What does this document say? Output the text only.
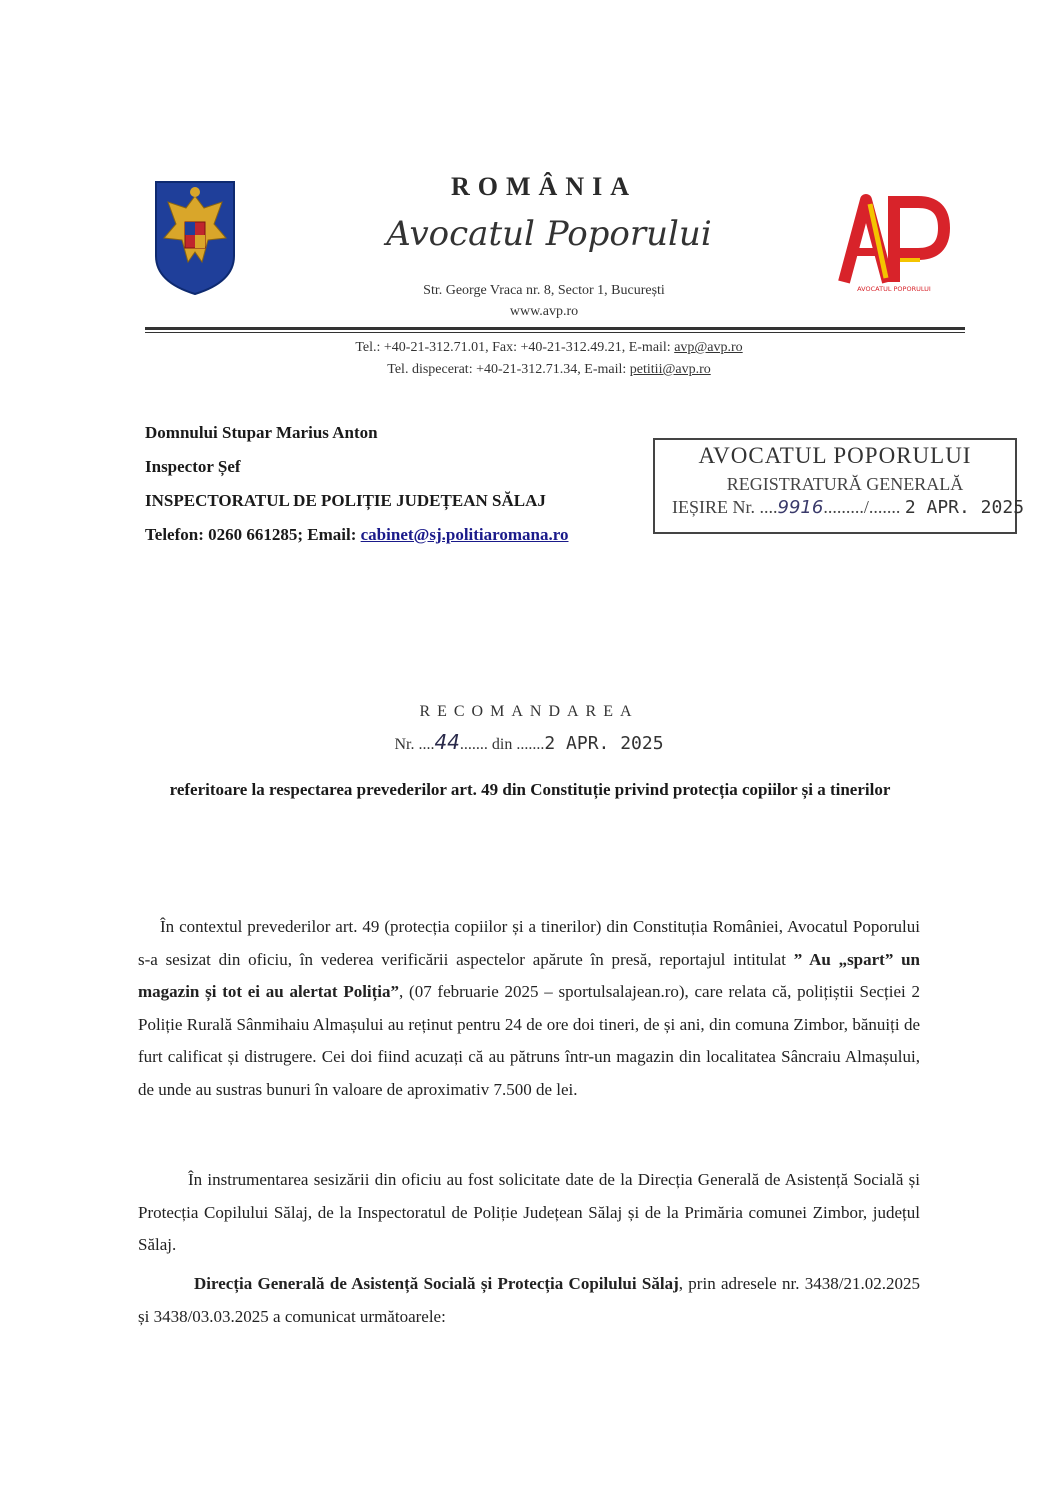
ROMÂNIA
Avocatul Poporului
Str. George Vraca nr. 8, Sector 1, București
www.avp.ro
AVOCATUL POPORULUI
Tel.: +40-21-312.71.01, Fax: +40-21-312.49.21, E-mail: avp@avp.ro
Tel. dispecerat: +40-21-312.71.34, E-mail: petitii@avp.ro
Domnului Stupar Marius Anton
Inspector Șef
INSPECTORATUL DE POLIȚIE JUDEȚEAN SĂLAJ
Telefon: 0260 661285; Email: cabinet@sj.politiaromana.ro
AVOCATUL POPORULUI
REGISTRATURĂ GENERALĂ
IEȘIRE Nr. ....9916........./....... 2 APR. 2025
RECOMANDAREA
Nr. ....44....... din .......2 APR. 2025
referitoare la respectarea prevederilor art. 49 din Constituție privind protecția copiilor și a tinerilor
În contextul prevederilor art. 49 (protecția copiilor și a tinerilor) din Constituția României, Avocatul Poporului s-a sesizat din oficiu, în vederea verificării aspectelor apărute în presă, reportajul intitulat ” Au „spart” un magazin și tot ei au alertat Poliția”, (07 februarie 2025 – sportulsalajean.ro), care relata că, polițiștii Secției 2 Poliție Rurală Sânmihaiu Almașului au reținut pentru 24 de ore doi tineri, de și ani, din comuna Zimbor, bănuiți de furt calificat și distrugere. Cei doi fiind acuzați că au pătruns într-un magazin din localitatea Sâncraiu Almașului, de unde au sustras bunuri în valoare de aproximativ 7.500 de lei.
În instrumentarea sesizării din oficiu au fost solicitate date de la Direcția Generală de Asistență Socială și Protecția Copilului Sălaj, de la Inspectoratul de Poliție Județean Sălaj și de la Primăria comunei Zimbor, județul Sălaj.
Direcția Generală de Asistență Socială și Protecția Copilului Sălaj, prin adresele nr. 3438/21.02.2025 și 3438/03.03.2025 a comunicat următoarele:
